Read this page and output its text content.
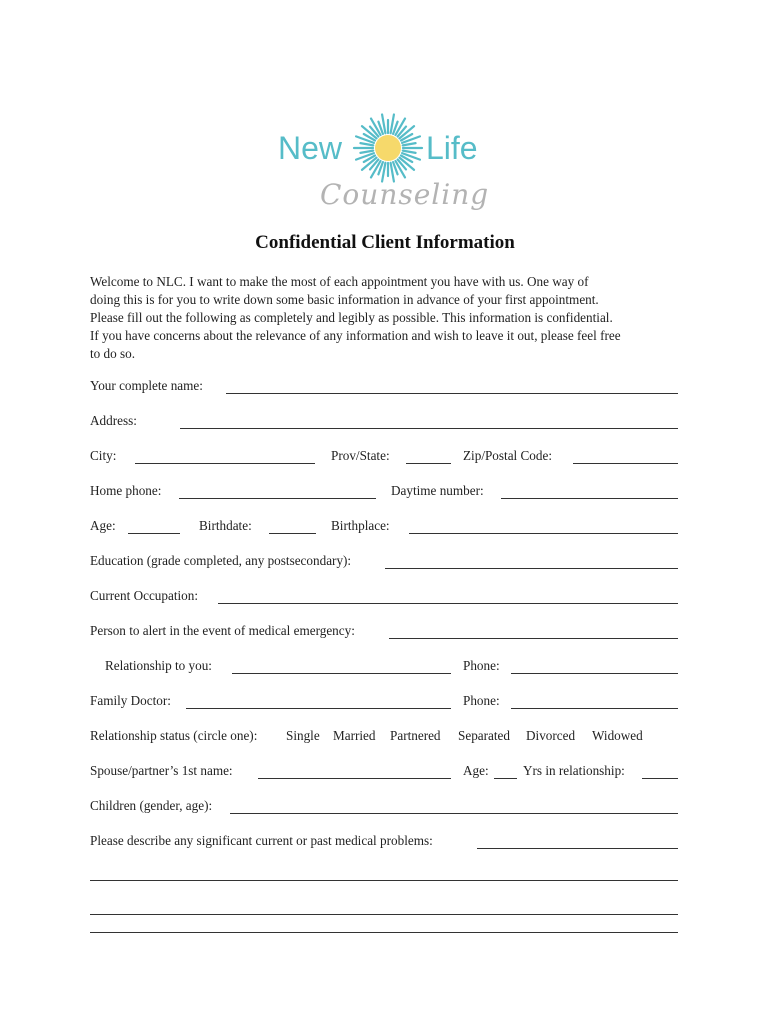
New	Life
Counseling
Confidential Client Information
Welcome to NLC. I want to make the most of each appointment you have with us. One way of
doing this is for you to write down some basic information in advance of your first appointment.
Please fill out the following as completely and legibly as possible. This information is confidential.
If you have concerns about the relevance of any information and wish to leave it out, please feel free
to do so.
Your complete name:
Address:
City:	Prov/State:	Zip/Postal Code:
Home phone:	Daytime number:
Age:	Birthdate:	Birthplace:
Education (grade completed, any postsecondary):
Current Occupation:
Person to alert in the event of medical emergency:
Relationship to you:	Phone:
Family Doctor:	Phone:
Relationship status (circle one): Single Married Partnered Separated Divorced Widowed
Spouse/partner’s 1st name:	Age:	Yrs in relationship:
Children (gender, age):
Please describe any significant current or past medical problems:
